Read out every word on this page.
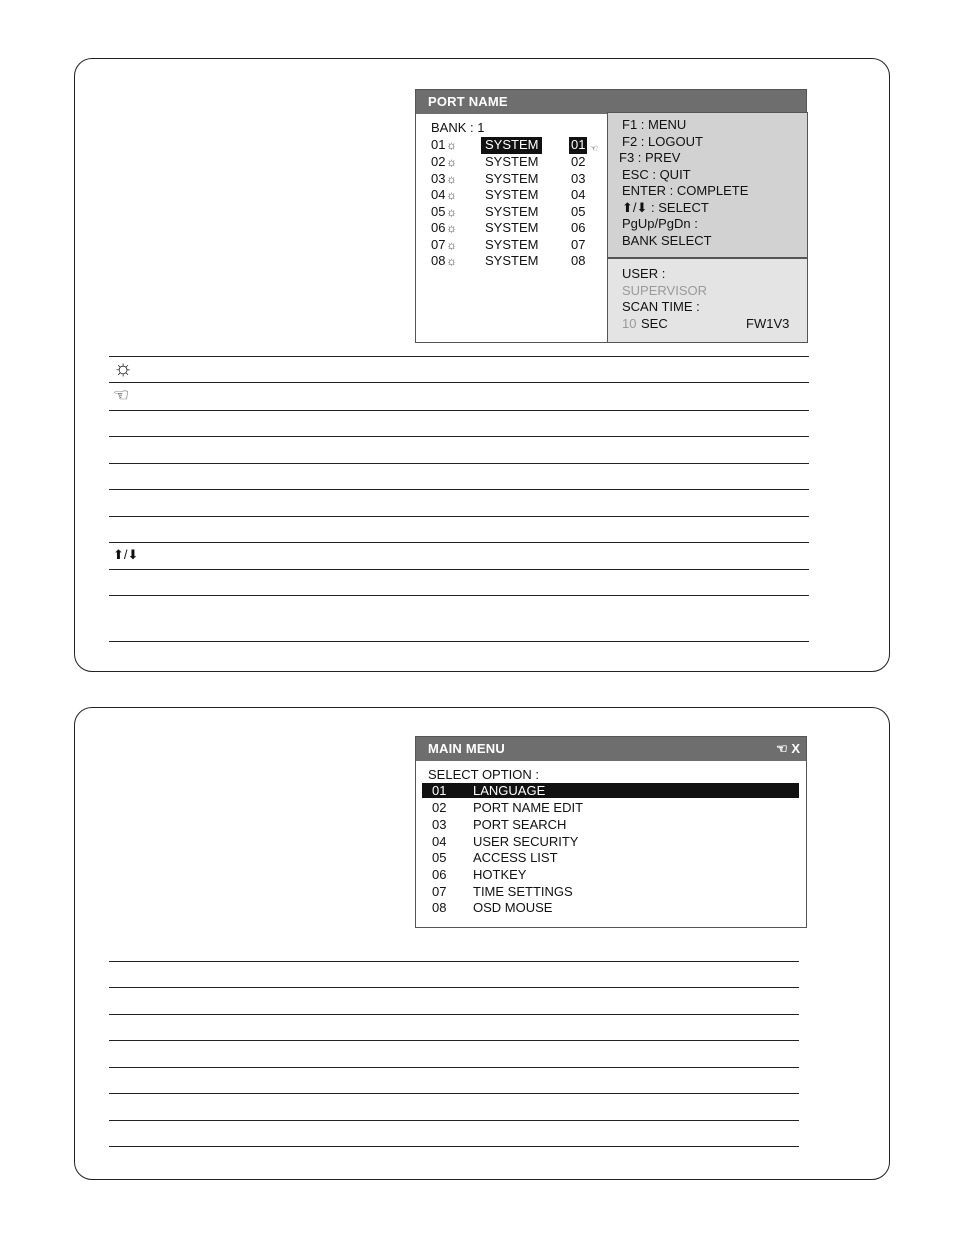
PORT NAME
BANK : 1
01 ☼	SYSTEM	01 ☜
02 ☼	SYSTEM	02
03 ☼	SYSTEM	03
04 ☼	SYSTEM	04
05 ☼	SYSTEM	05
06 ☼	SYSTEM	06
07 ☼	SYSTEM	07
08 ☼	SYSTEM	08
F1 : MENU
F2 : LOGOUT
F3 : PREV
ESC : QUIT
ENTER : COMPLETE
⬆/⬇ : SELECT
PgUp/PgDn :
BANK SELECT
USER :
SUPERVISOR
SCAN TIME :
10 SEC	FW1V3
☼
☜
⬆/⬇
MAIN MENU	☜ X
SELECT OPTION :
01 LANGUAGE
02 PORT NAME EDIT
03 PORT SEARCH
04 USER SECURITY
05 ACCESS LIST
06 HOTKEY
07 TIME SETTINGS
08 OSD MOUSE
